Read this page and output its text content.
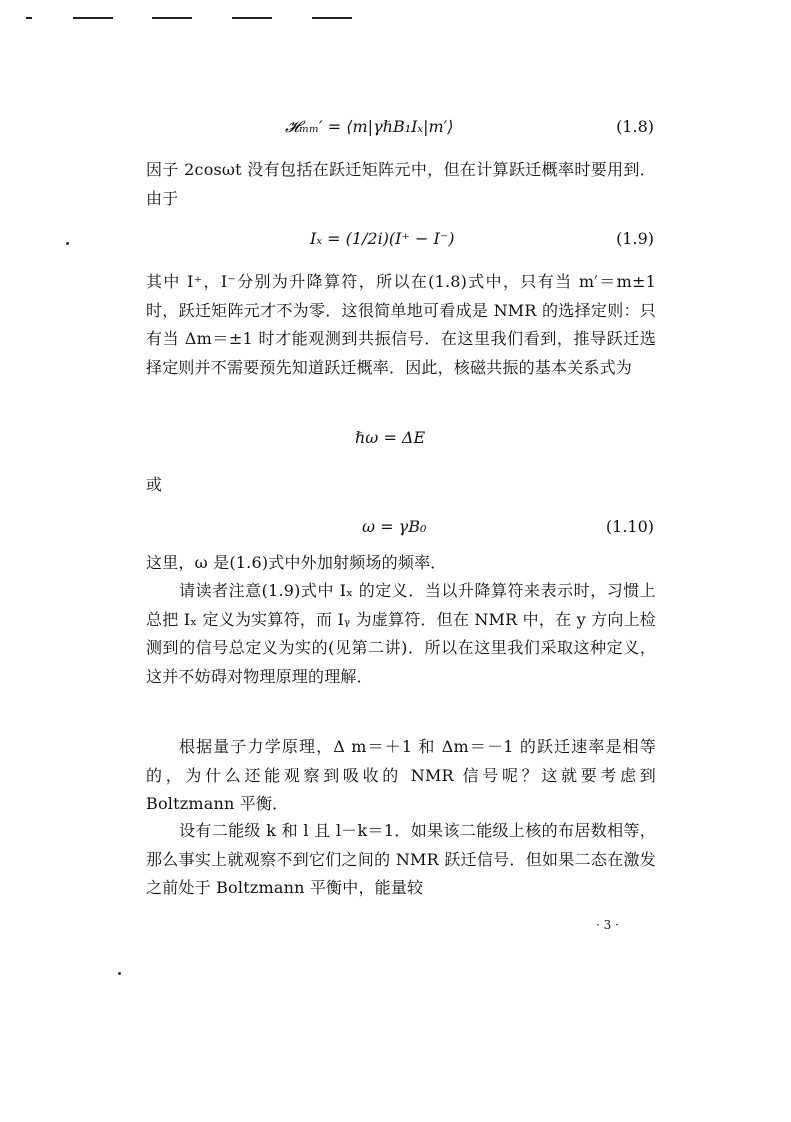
𝓗ₘₘ′ = ⟨m|γℏB₁Iₓ|m′⟩	(1.8)

因子 2cosωt 没有包括在跃迁矩阵元中，但在计算跃迁概率时要用到．由于

Iₓ = (1/2i)(I⁺ − I⁻)	(1.9)

其中 I⁺，I⁻分别为升降算符，所以在(1.8)式中，只有当 m′＝m±1 时，跃迁矩阵元才不为零．这很简单地可看成是 NMR 的选择定则：只有当 Δm＝±1 时才能观测到共振信号．在这里我们看到，推导跃迁选择定则并不需要预先知道跃迁概率．因此，核磁共振的基本关系式为

ℏω = ΔE
或
ω = γB₀	(1.10)

这里，ω 是(1.6)式中外加射频场的频率．

请读者注意(1.9)式中 Iₓ 的定义．当以升降算符来表示时，习惯上总把 Iₓ 定义为实算符，而 Iᵧ 为虚算符．但在 NMR 中，在 y 方向上检测到的信号总定义为实的(见第二讲)．所以在这里我们采取这种定义，这并不妨碍对物理原理的理解．

根据量子力学原理，Δ m＝＋1 和 Δm＝－1 的跃迁速率是相等的，为什么还能观察到吸收的 NMR 信号呢？这就要考虑到 Boltzmann 平衡．

设有二能级 k 和 l 且 l－k＝1．如果该二能级上核的布居数相等，那么事实上就观察不到它们之间的 NMR 跃迁信号．但如果二态在激发之前处于 Boltzmann 平衡中，能量较

· 3 ·
